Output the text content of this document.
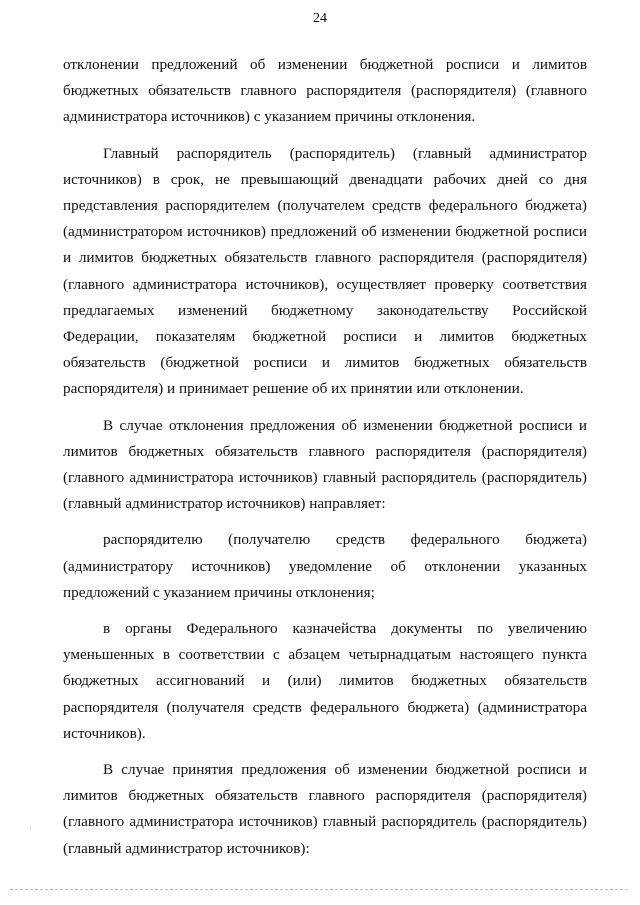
24

отклонении предложений об изменении бюджетной росписи и лимитов бюджетных обязательств главного распорядителя (распорядителя) (главного администратора источников) с указанием причины отклонения.

Главный распорядитель (распорядитель) (главный администратор источников) в срок, не превышающий двенадцати рабочих дней со дня представления распорядителем (получателем средств федерального бюджета) (администратором источников) предложений об изменении бюджетной росписи и лимитов бюджетных обязательств главного распорядителя (распорядителя) (главного администратора источников), осуществляет проверку соответствия предлагаемых изменений бюджетному законодательству Российской Федерации, показателям бюджетной росписи и лимитов бюджетных обязательств (бюджетной росписи и лимитов бюджетных обязательств распорядителя) и принимает решение об их принятии или отклонении.

В случае отклонения предложения об изменении бюджетной росписи и лимитов бюджетных обязательств главного распорядителя (распорядителя) (главного администратора источников) главный распорядитель (распорядитель) (главный администратор источников) направляет:

распорядителю (получателю средств федерального бюджета) (администратору источников) уведомление об отклонении указанных предложений с указанием причины отклонения;

в органы Федерального казначейства документы по увеличению уменьшенных в соответствии с абзацем четырнадцатым настоящего пункта бюджетных ассигнований и (или) лимитов бюджетных обязательств распорядителя (получателя средств федерального бюджета) (администратора источников).

В случае принятия предложения об изменении бюджетной росписи и лимитов бюджетных обязательств главного распорядителя (распорядителя) (главного администратора источников) главный распорядитель (распорядитель) (главный администратор источников):
